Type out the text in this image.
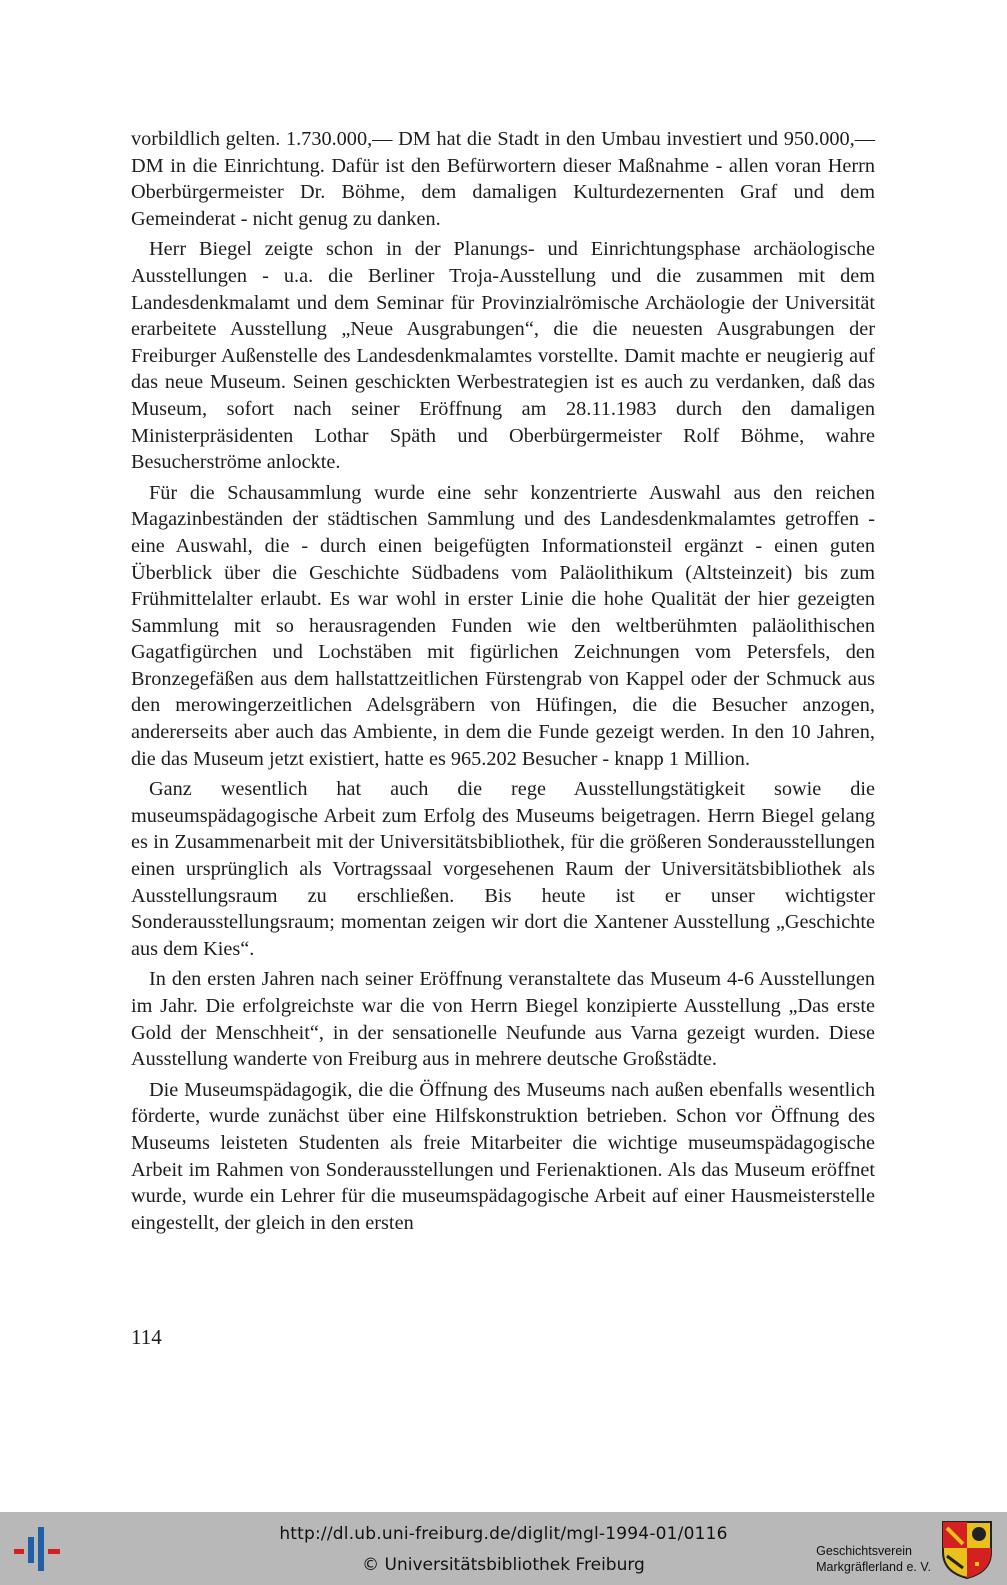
vorbildlich gelten. 1.730.000,— DM hat die Stadt in den Umbau investiert und 950.000,— DM in die Einrichtung. Dafür ist den Befürwortern dieser Maßnahme - allen voran Herrn Oberbürgermeister Dr. Böhme, dem damaligen Kulturdezernenten Graf und dem Gemeinderat - nicht genug zu danken.

Herr Biegel zeigte schon in der Planungs- und Einrichtungsphase archäologische Ausstellungen - u.a. die Berliner Troja-Ausstellung und die zusammen mit dem Landesdenkmalamt und dem Seminar für Provinzialrömische Archäologie der Universität erarbeitete Ausstellung „Neue Ausgrabungen“, die die neuesten Ausgrabungen der Freiburger Außenstelle des Landesdenkmalamtes vorstellte. Damit machte er neugierig auf das neue Museum. Seinen geschickten Werbestrategien ist es auch zu verdanken, daß das Museum, sofort nach seiner Eröffnung am 28.11.1983 durch den damaligen Ministerpräsidenten Lothar Späth und Oberbürgermeister Rolf Böhme, wahre Besucherströme anlockte.

Für die Schausammlung wurde eine sehr konzentrierte Auswahl aus den reichen Magazinbeständen der städtischen Sammlung und des Landesdenkmalamtes getroffen - eine Auswahl, die - durch einen beigefügten Informationsteil ergänzt - einen guten Überblick über die Geschichte Südbadens vom Paläolithikum (Altsteinzeit) bis zum Frühmittelalter erlaubt. Es war wohl in erster Linie die hohe Qualität der hier gezeigten Sammlung mit so herausragenden Funden wie den weltberühmten paläolithischen Gagatfigürchen und Lochstäben mit figürlichen Zeichnungen vom Petersfels, den Bronzegefäßen aus dem hallstattzeitlichen Fürstengrab von Kappel oder der Schmuck aus den merowingerzeitlichen Adelsgräbern von Hüfingen, die die Besucher anzogen, andererseits aber auch das Ambiente, in dem die Funde gezeigt werden. In den 10 Jahren, die das Museum jetzt existiert, hatte es 965.202 Besucher - knapp 1 Million.

Ganz wesentlich hat auch die rege Ausstellungstätigkeit sowie die museumspädagogische Arbeit zum Erfolg des Museums beigetragen. Herrn Biegel gelang es in Zusammenarbeit mit der Universitätsbibliothek, für die größeren Sonderausstellungen einen ursprünglich als Vortragssaal vorgesehenen Raum der Universitätsbibliothek als Ausstellungsraum zu erschließen. Bis heute ist er unser wichtigster Sonderausstellungsraum; momentan zeigen wir dort die Xantener Ausstellung „Geschichte aus dem Kies“.

In den ersten Jahren nach seiner Eröffnung veranstaltete das Museum 4-6 Ausstellungen im Jahr. Die erfolgreichste war die von Herrn Biegel konzipierte Ausstellung „Das erste Gold der Menschheit“, in der sensationelle Neufunde aus Varna gezeigt wurden. Diese Ausstellung wanderte von Freiburg aus in mehrere deutsche Großstädte.

Die Museumspädagogik, die die Öffnung des Museums nach außen ebenfalls wesentlich förderte, wurde zunächst über eine Hilfskonstruktion betrieben. Schon vor Öffnung des Museums leisteten Studenten als freie Mitarbeiter die wichtige museumspädagogische Arbeit im Rahmen von Sonderausstellungen und Ferienaktionen. Als das Museum eröffnet wurde, wurde ein Lehrer für die museumspädagogische Arbeit auf einer Hausmeisterstelle eingestellt, der gleich in den ersten

114
http://dl.ub.uni-freiburg.de/diglit/mgl-1994-01/0116
© Universitätsbibliothek Freiburg
Geschichtsverein
Markgräflerland e. V.
